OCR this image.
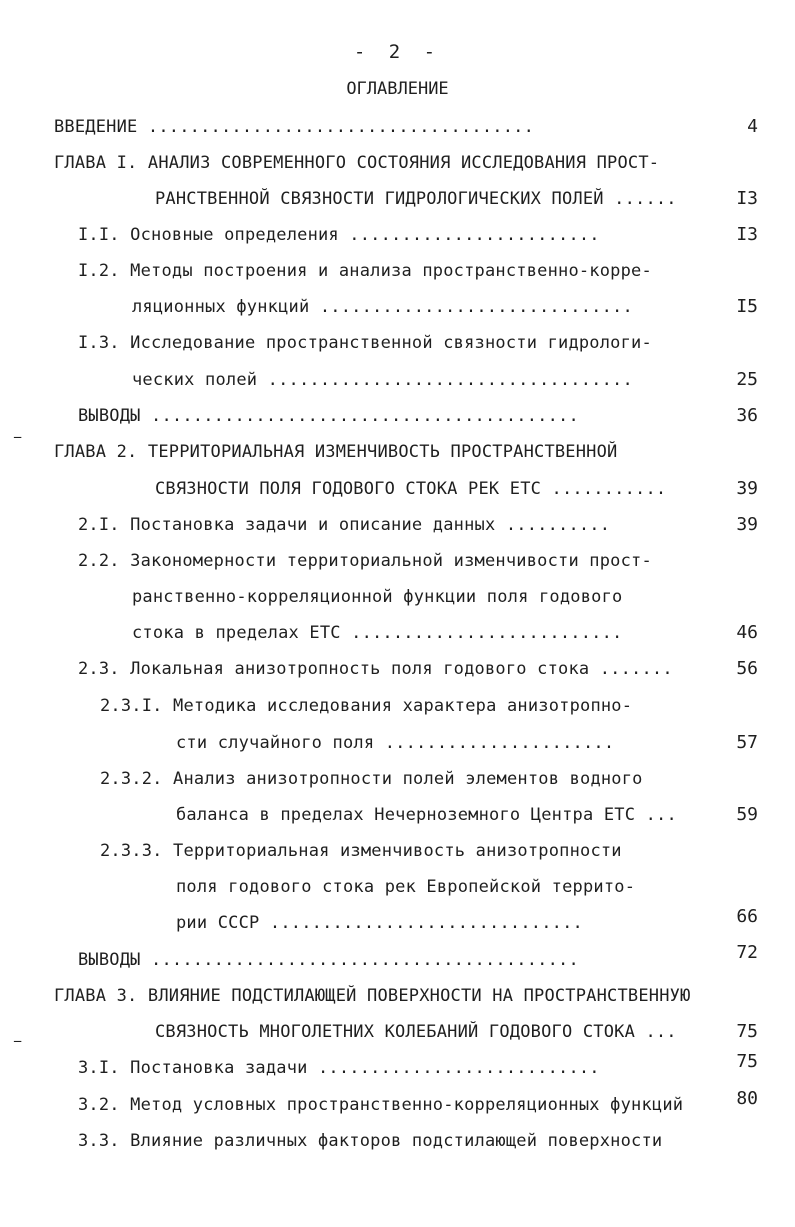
- 2 -
ОГЛАВЛЕНИЕ
ВВЕДЕНИЕ .....................................	4
ГЛАВА I. АНАЛИЗ СОВРЕМЕННОГО СОСТОЯНИЯ ИССЛЕДОВАНИЯ ПРОСТ-
РАНСТВЕННОЙ СВЯЗНОСТИ ГИДРОЛОГИЧЕСКИХ ПОЛЕЙ ......	I3
I.I. Основные определения ........................	I3
I.2. Методы построения и анализа пространственно-корре-
ляционных функций ..............................	I5
I.3. Исследование пространственной связности гидрологи-
ческих полей ...................................	25
ВЫВОДЫ .........................................	36
ГЛАВА 2. ТЕРРИТОРИАЛЬНАЯ ИЗМЕНЧИВОСТЬ ПРОСТРАНСТВЕННОЙ
СВЯЗНОСТИ ПОЛЯ ГОДОВОГО СТОКА РЕК ЕТС ...........	39
2.I. Постановка задачи и описание данных ..........	39
2.2. Закономерности территориальной изменчивости прост-
ранственно-корреляционной функции поля годового
стока в пределах ЕТС ..........................	46
2.3. Локальная анизотропность поля годового стока .......	56
2.3.I. Методика исследования характера анизотропно-
сти случайного поля ......................	57
2.3.2. Анализ анизотропности полей элементов водного
баланса в пределах Нечерноземного Центра ЕТС ...	59
2.3.3. Территориальная изменчивость анизотропности
поля годового стока рек Европейской террито-
рии СССР ..............................	66
ВЫВОДЫ .........................................	72
ГЛАВА 3. ВЛИЯНИЕ ПОДСТИЛАЮЩЕЙ ПОВЕРХНОСТИ НА ПРОСТРАНСТВЕННУЮ
СВЯЗНОСТЬ МНОГОЛЕТНИХ КОЛЕБАНИЙ ГОДОВОГО СТОКА ...	75
3.I. Постановка задачи ...........................	75
3.2. Метод условных пространственно-корреляционных функций	80
3.3. Влияние различных факторов подстилающей поверхности
ـ
ـ
